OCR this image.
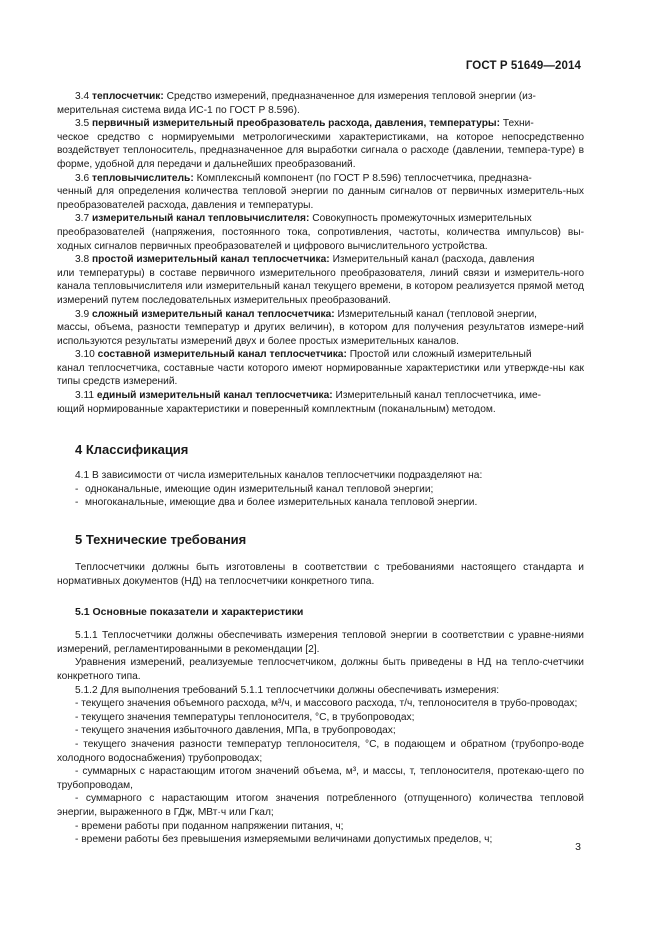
ГОСТ Р 51649—2014

3.4 теплосчетчик: Средство измерений, предназначенное для измерения тепловой энергии (из-

мерительная система вида ИС-1 по ГОСТ Р 8.596).

3.5 первичный измерительный преобразователь расхода, давления, температуры: Техни-

ческое средство с нормируемыми метрологическими характеристиками, на которое непосредственно воздействует теплоноситель, предназначенное для выработки сигнала о расходе (давлении, темпера-туре) в форме, удобной для передачи и дальнейших преобразований.

3.6 тепловычислитель: Комплексный компонент (по ГОСТ Р 8.596) теплосчетчика, предназна-

ченный для определения количества тепловой энергии по данным сигналов от первичных измеритель-ных преобразователей расхода, давления и температуры.

3.7 измерительный канал тепловычислителя: Совокупность промежуточных измерительных

преобразователей (напряжения, постоянного тока, сопротивления, частоты, количества импульсов) вы-ходных сигналов первичных преобразователей и цифрового вычислительного устройства.

3.8 простой измерительный канал теплосчетчика: Измерительный канал (расхода, давления

или температуры) в составе первичного измерительного преобразователя, линий связи и измеритель-ного канала тепловычислителя или измерительный канал текущего времени, в котором реализуется прямой метод измерений путем последовательных измерительных преобразований.

3.9 сложный измерительный канал теплосчетчика: Измерительный канал (тепловой энергии,

массы, объема, разности температур и других величин), в котором для получения результатов измере-ний используются результаты измерений двух и более простых измерительных каналов.

3.10 составной измерительный канал теплосчетчика: Простой или сложный измерительный

канал теплосчетчика, составные части которого имеют нормированные характеристики или утвержде-ны как типы средств измерений.

3.11 единый измерительный канал теплосчетчика: Измерительный канал теплосчетчика, име-

ющий нормированные характеристики и поверенный комплектным (поканальным) методом.

4 Классификация

4.1 В зависимости от числа измерительных каналов теплосчетчики подразделяют на:

- одноканальные, имеющие один измерительный канал тепловой энергии;

- многоканальные, имеющие два и более измерительных канала тепловой энергии.

5 Технические требования

Теплосчетчики должны быть изготовлены в соответствии с требованиями настоящего стандарта и нормативных документов (НД) на теплосчетчики конкретного типа.

5.1 Основные показатели и характеристики

5.1.1 Теплосчетчики должны обеспечивать измерения тепловой энергии в соответствии с уравне-ниями измерений, регламентированными в рекомендации [2].

Уравнения измерений, реализуемые теплосчетчиком, должны быть приведены в НД на тепло-счетчики конкретного типа.

5.1.2 Для выполнения требований 5.1.1 теплосчетчики должны обеспечивать измерения:

- текущего значения объемного расхода, м³/ч, и массового расхода, т/ч, теплоносителя в трубо-проводах;

- текущего значения температуры теплоносителя, °С, в трубопроводах;

- текущего значения избыточного давления, МПа, в трубопроводах;

- текущего значения разности температур теплоносителя, °С, в подающем и обратном (трубопро-воде холодного водоснабжения) трубопроводах;

- суммарных с нарастающим итогом значений объема, м³, и массы, т, теплоносителя, протекаю-щего по трубопроводам,

- суммарного с нарастающим итогом значения потребленного (отпущенного) количества тепловой энергии, выраженного в ГДж, МВт·ч или Гкал;

- времени работы при поданном напряжении питания, ч;

- времени работы без превышения измеряемыми величинами допустимых пределов, ч;

3
